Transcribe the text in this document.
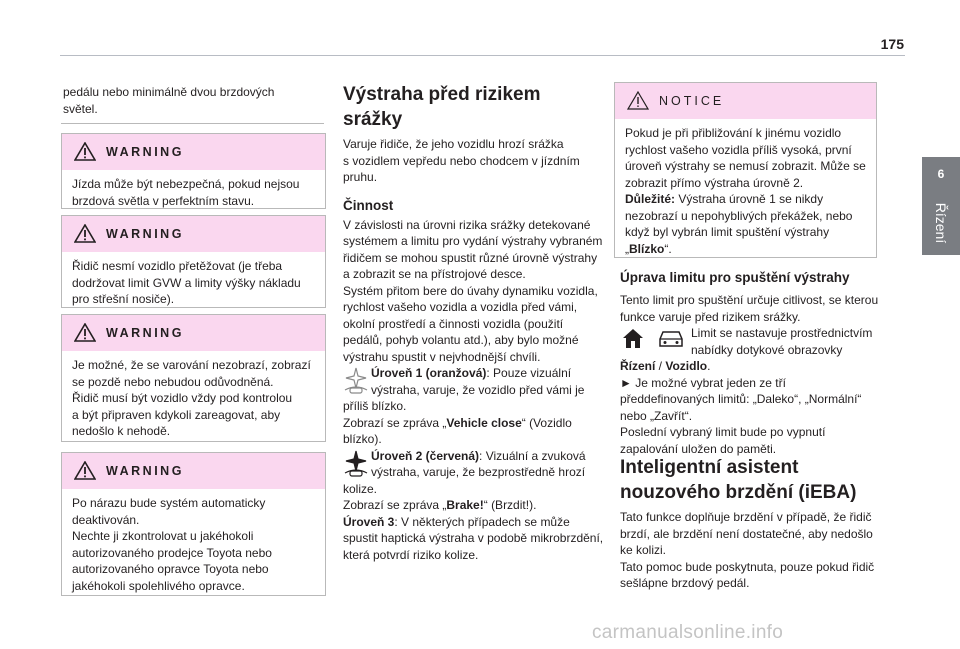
175
6
Řízení
pedálu nebo minimálně dvou brzdových
světel.
WARNING
Jízda může být nebezpečná, pokud nejsou
brzdová světla v perfektním stavu.
WARNING
Řidič nesmí vozidlo přetěžovat (je třeba
dodržovat limit GVW a limity výšky nákladu
pro střešní nosiče).
WARNING
Je možné, že se varování nezobrazí, zobrazí
se pozdě nebo nebudou odůvodněná.
Řidič musí být vozidlo vždy pod kontrolou
a být připraven kdykoli zareagovat, aby
nedošlo k nehodě.
WARNING
Po nárazu bude systém automaticky
deaktivován.
Nechte ji zkontrolovat u jakéhokoli
autorizovaného prodejce Toyota nebo
autorizovaného opravce Toyota nebo
jakéhokoli spolehlivého opravce.
Výstraha před rizikem
srážky
Varuje řidiče, že jeho vozidlu hrozí srážka
s vozidlem vepředu nebo chodcem v jízdním
pruhu.
Činnost
V závislosti na úrovni rizika srážky detekované
systémem a limitu pro vydání výstrahy vybraném
řidičem se mohou spustit různé úrovně výstrahy
a zobrazit se na přístrojové desce.
Systém přitom bere do úvahy dynamiku vozidla,
rychlost vašeho vozidla a vozidla před vámi,
okolní prostředí a činnosti vozidla (použití
pedálů, pohyb volantu atd.), aby bylo možné
výstrahu spustit v nejvhodnější chvíli.
Úroveň 1 (oranžová): Pouze vizuální
výstraha, varuje, že vozidlo před vámi je
příliš blízko.
Zobrazí se zpráva „Vehicle close“ (Vozidlo
blízko).
Úroveň 2 (červená): Vizuální a zvuková
výstraha, varuje, že bezprostředně hrozí
kolize.
Zobrazí se zpráva „Brake!“ (Brzdit!).
Úroveň 3: V některých případech se může
spustit haptická výstraha v podobě mikrobrzdění,
která potvrdí riziko kolize.
NOTICE
Pokud je při přibližování k jinému vozidlo
rychlost vašeho vozidla příliš vysoká, první
úroveň výstrahy se nemusí zobrazit. Může se
zobrazit přímo výstraha úrovně 2.
Důležité: Výstraha úrovně 1 se nikdy
nezobrazí u nepohyblivých překážek, nebo
když byl vybrán limit spuštění výstrahy
„Blízko“.
Úprava limitu pro spuštění výstrahy
Tento limit pro spuštění určuje citlivost, se kterou
funkce varuje před rizikem srážky.
Limit se nastavuje prostřednictvím
nabídky dotykové obrazovky
Řízení / Vozidlo.
► Je možné vybrat jeden ze tří
předdefinovaných limitů: „Daleko“, „Normální“
nebo „Zavřít“.
Poslední vybraný limit bude po vypnutí
zapalování uložen do paměti.
Inteligentní asistent
nouzového brzdění (iEBA)
Tato funkce doplňuje brzdění v případě, že řidič
brzdí, ale brzdění není dostatečné, aby nedošlo
ke kolizi.
Tato pomoc bude poskytnuta, pouze pokud řidič
sešlápne brzdový pedál.
carmanualsonline.info
